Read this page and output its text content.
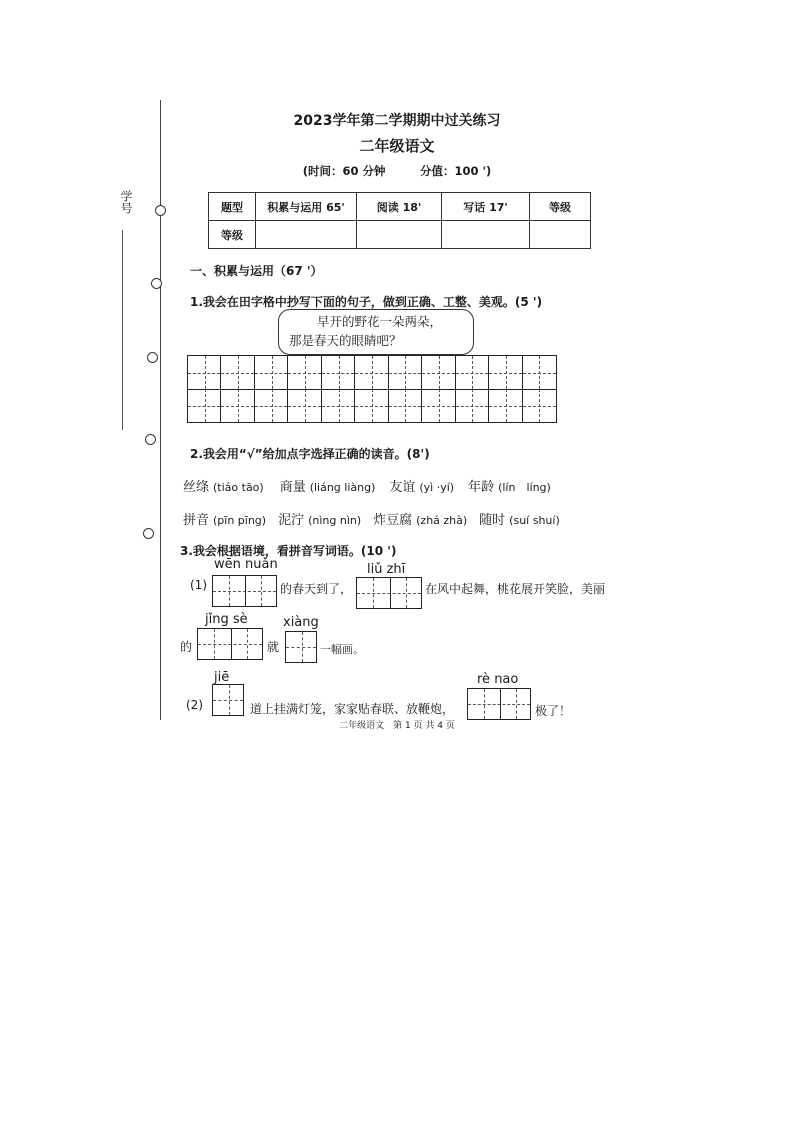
学号
2023学年第二学期期中过关练习
二年级语文
(时间：60 分钟　　　分值：100 ')
题型	积累与运用 65'	阅读 18'	写话 17'	等级
等级				
一、积累与运用（67 '）
1.我会在田字格中抄写下面的句子，做到正确、工整、美观。(5 ')
早开的野花一朵两朵，
那是春天的眼睛吧？
2.我会用“√”给加点字选择正确的读音。(8')
丝绦 (tiáo tāo) 商量 (liáng liàng) 友谊 (yì ·yí) 年龄 (lín　líng)
拼音 (pīn pīng) 泥泞 (nìng nìn) 炸豆腐 (zhá zhà) 随时 (suí shuí)
3.我会根据语境，看拼音写词语。(10 ')
(1)
wēn nuǎn
的春天到了，
liǔ zhī
在风中起舞，桃花展开笑脸，美丽
的
jǐng sè
就
xiàng
一幅画。
(2)
jiē
道上挂满灯笼，家家贴春联、放鞭炮，
rè nao
极了！
二年级语文　第 1 页 共 4 页
